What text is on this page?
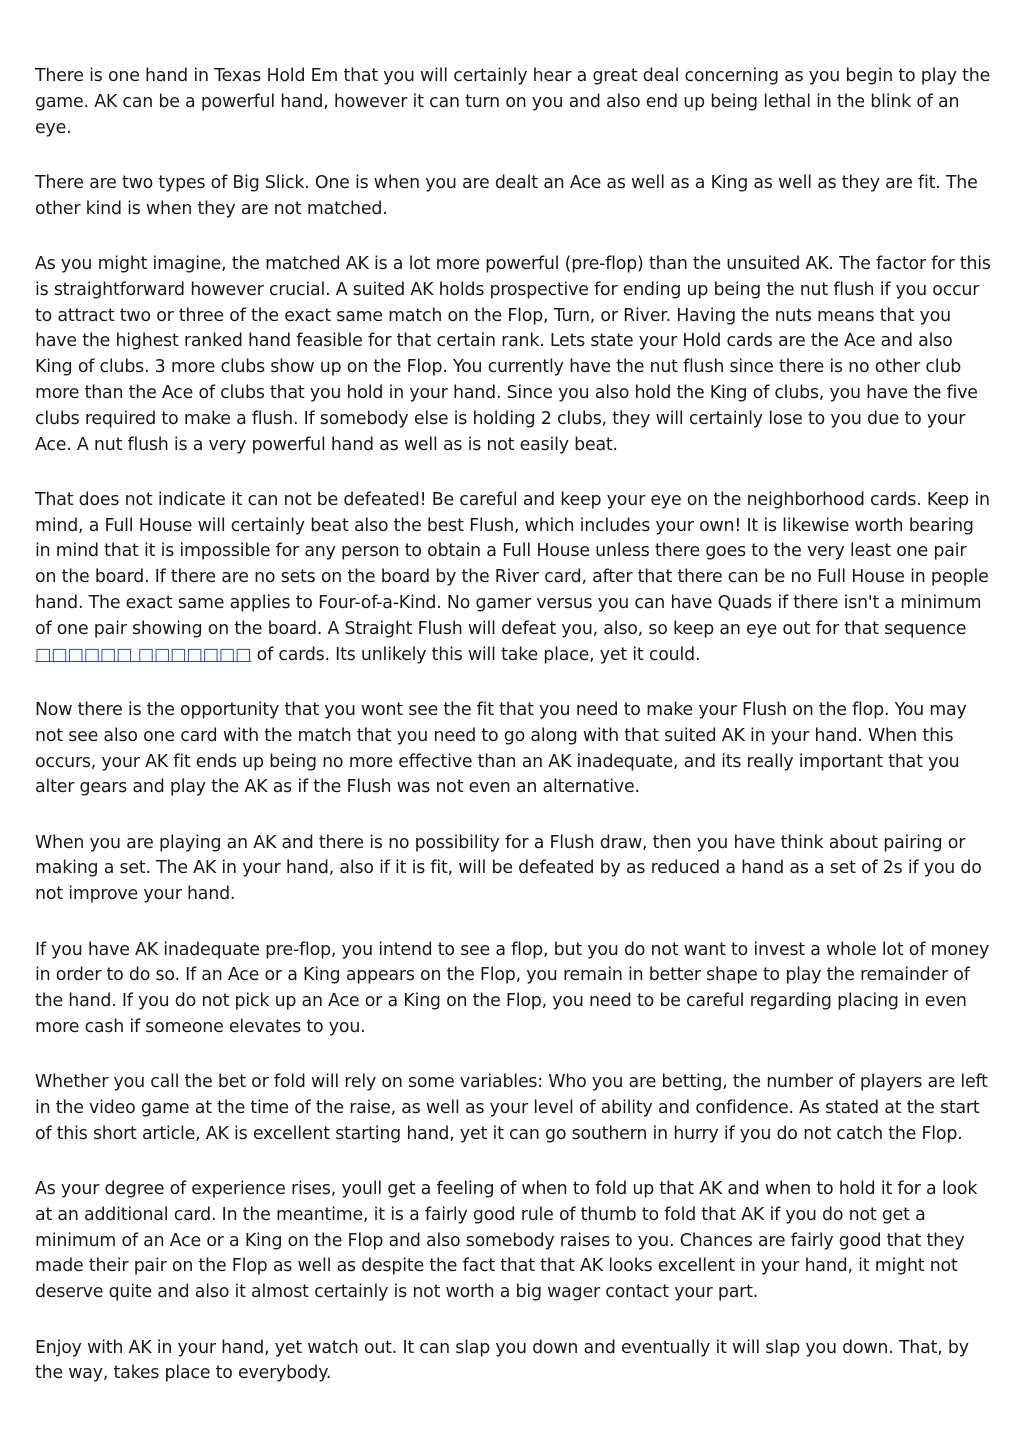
There is one hand in Texas Hold Em that you will certainly hear a great deal concerning as you begin to play the game. AK can be a powerful hand, however it can turn on you and also end up being lethal in the blink of an eye.

There are two types of Big Slick. One is when you are dealt an Ace as well as a King as well as they are fit. The other kind is when they are not matched.

As you might imagine, the matched AK is a lot more powerful (pre-flop) than the unsuited AK. The factor for this is straightforward however crucial. A suited AK holds prospective for ending up being the nut flush if you occur to attract two or three of the exact same match on the Flop, Turn, or River. Having the nuts means that you have the highest ranked hand feasible for that certain rank. Lets state your Hold cards are the Ace and also King of clubs. 3 more clubs show up on the Flop. You currently have the nut flush since there is no other club more than the Ace of clubs that you hold in your hand. Since you also hold the King of clubs, you have the five clubs required to make a flush. If somebody else is holding 2 clubs, they will certainly lose to you due to your Ace. A nut flush is a very powerful hand as well as is not easily beat.

That does not indicate it can not be defeated! Be careful and keep your eye on the neighborhood cards. Keep in mind, a Full House will certainly beat also the best Flush, which includes your own! It is likewise worth bearing in mind that it is impossible for any person to obtain a Full House unless there goes to the very least one pair on the board. If there are no sets on the board by the River card, after that there can be no Full House in people hand. The exact same applies to Four-of-a-Kind. No gamer versus you can have Quads if there isn't a minimum of one pair showing on the board. A Straight Flush will defeat you, also, so keep an eye out for that sequence □□□□□□ □□□□□□□ of cards. Its unlikely this will take place, yet it could.

Now there is the opportunity that you wont see the fit that you need to make your Flush on the flop. You may not see also one card with the match that you need to go along with that suited AK in your hand. When this occurs, your AK fit ends up being no more effective than an AK inadequate, and its really important that you alter gears and play the AK as if the Flush was not even an alternative.

When you are playing an AK and there is no possibility for a Flush draw, then you have think about pairing or making a set. The AK in your hand, also if it is fit, will be defeated by as reduced a hand as a set of 2s if you do not improve your hand.

If you have AK inadequate pre-flop, you intend to see a flop, but you do not want to invest a whole lot of money in order to do so. If an Ace or a King appears on the Flop, you remain in better shape to play the remainder of the hand. If you do not pick up an Ace or a King on the Flop, you need to be careful regarding placing in even more cash if someone elevates to you.

Whether you call the bet or fold will rely on some variables: Who you are betting, the number of players are left in the video game at the time of the raise, as well as your level of ability and confidence. As stated at the start of this short article, AK is excellent starting hand, yet it can go southern in hurry if you do not catch the Flop.

As your degree of experience rises, youll get a feeling of when to fold up that AK and when to hold it for a look at an additional card. In the meantime, it is a fairly good rule of thumb to fold that AK if you do not get a minimum of an Ace or a King on the Flop and also somebody raises to you. Chances are fairly good that they made their pair on the Flop as well as despite the fact that that AK looks excellent in your hand, it might not deserve quite and also it almost certainly is not worth a big wager contact your part.

Enjoy with AK in your hand, yet watch out. It can slap you down and eventually it will slap you down. That, by the way, takes place to everybody.
